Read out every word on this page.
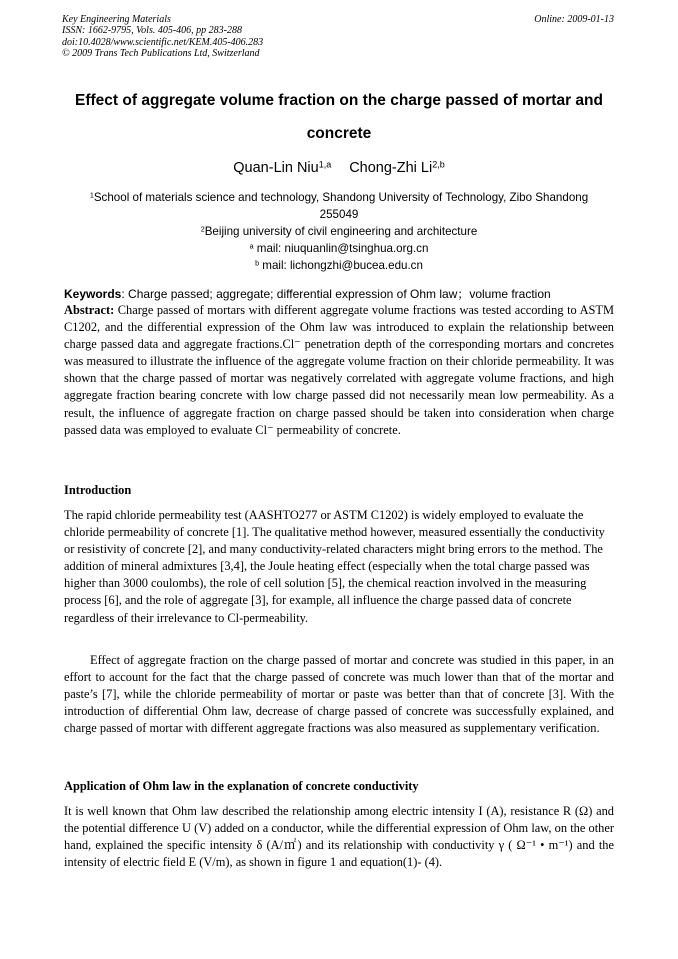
Key Engineering Materials
ISSN: 1662-9795, Vols. 405-406, pp 283-288
doi:10.4028/www.scientific.net/KEM.405-406.283
© 2009 Trans Tech Publications Ltd, Switzerland
Online: 2009-01-13
Effect of aggregate volume fraction on the charge passed of mortar and
concrete
Quan-Lin Niu$^{1,a}$ Chong-Zhi Li$^{2,b}$
$^1$School of materials science and technology, Shandong University of Technology, Zibo Shandong
255049
$^2$Beijing university of civil engineering and architecture
$^a$ mail: niuquanlin@tsinghua.org.cn
$^b$ mail: lichongzhi@bucea.edu.cn
Keywords: Charge passed; aggregate; differential expression of Ohm law；volume fraction
Abstract: Charge passed of mortars with different aggregate volume fractions was tested according to ASTM C1202, and the differential expression of the Ohm law was introduced to explain the relationship between charge passed data and aggregate fractions.Cl⁻ penetration depth of the corresponding mortars and concretes was measured to illustrate the influence of the aggregate volume fraction on their chloride permeability. It was shown that the charge passed of mortar was negatively correlated with aggregate volume fractions, and high aggregate fraction bearing concrete with low charge passed did not necessarily mean low permeability. As a result, the influence of aggregate fraction on charge passed should be taken into consideration when charge passed data was employed to evaluate Cl⁻ permeability of concrete.
Introduction
The rapid chloride permeability test (AASHTO277 or ASTM C1202) is widely employed to evaluate the chloride permeability of concrete [1]. The qualitative method however, measured essentially the conductivity or resistivity of concrete [2], and many conductivity-related characters might bring errors to the method. The addition of mineral admixtures [3,4], the Joule heating effect (especially when the total charge passed was higher than 3000 coulombs), the role of cell solution [5], the chemical reaction involved in the measuring process [6], and the role of aggregate [3], for example, all influence the charge passed data of concrete regardless of their irrelevance to Cl-permeability.
Effect of aggregate fraction on the charge passed of mortar and concrete was studied in this paper, in an effort to account for the fact that the charge passed of concrete was much lower than that of the mortar and paste’s [7], while the chloride permeability of mortar or paste was better than that of concrete [3]. With the introduction of differential Ohm law, decrease of charge passed of concrete was successfully explained, and charge passed of mortar with different aggregate fractions was also measured as supplementary verification.
Application of Ohm law in the explanation of concrete conductivity
It is well known that Ohm law described the relationship among electric intensity I (A), resistance R (Ω) and the potential difference U (V) added on a conductor, while the differential expression of Ohm law, on the other hand, explained the specific intensity δ (A/㎡) and its relationship with conductivity γ ( Ω⁻¹ • m⁻¹) and the intensity of electric field E (V/m), as shown in figure 1 and equation(1)- (4).
